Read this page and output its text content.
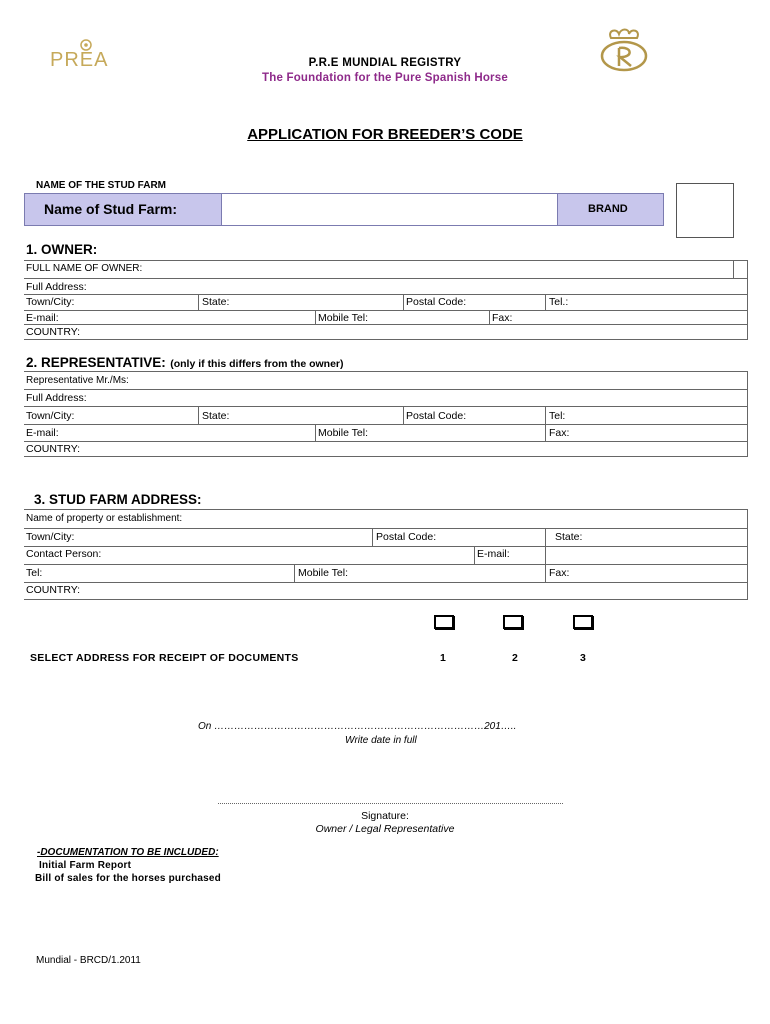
PREA	P.R.E MUNDIAL REGISTRY
The Foundation for the Pure Spanish Horse
APPLICATION FOR BREEDER’S CODE
NAME OF THE STUD FARM
Name of Stud Farm:	BRAND
1. OWNER:
FULL NAME OF OWNER:
Full Address:
Town/City:	State:	Postal Code:	Tel.:
E-mail:	Mobile Tel:	Fax:
COUNTRY:
2. REPRESENTATIVE: (only if this differs from the owner)
Representative Mr./Ms:
Full Address:
Town/City:	State:	Postal Code:	Tel:
E-mail:	Mobile Tel:	Fax:
COUNTRY:
3. STUD FARM ADDRESS:
Name of property or establishment:
Town/City:	Postal Code:	State:
Contact Person:	E-mail:
Tel:	Mobile Tel:	Fax:
COUNTRY:
SELECT ADDRESS FOR RECEIPT OF DOCUMENTS	1	2	3
On ………………………………………………………………………201…..
Write date in full
Signature:
Owner / Legal Representative
-DOCUMENTATION TO BE INCLUDED:
Initial Farm Report
Bill of sales for the horses purchased
Mundial - BRCD/1.2011
